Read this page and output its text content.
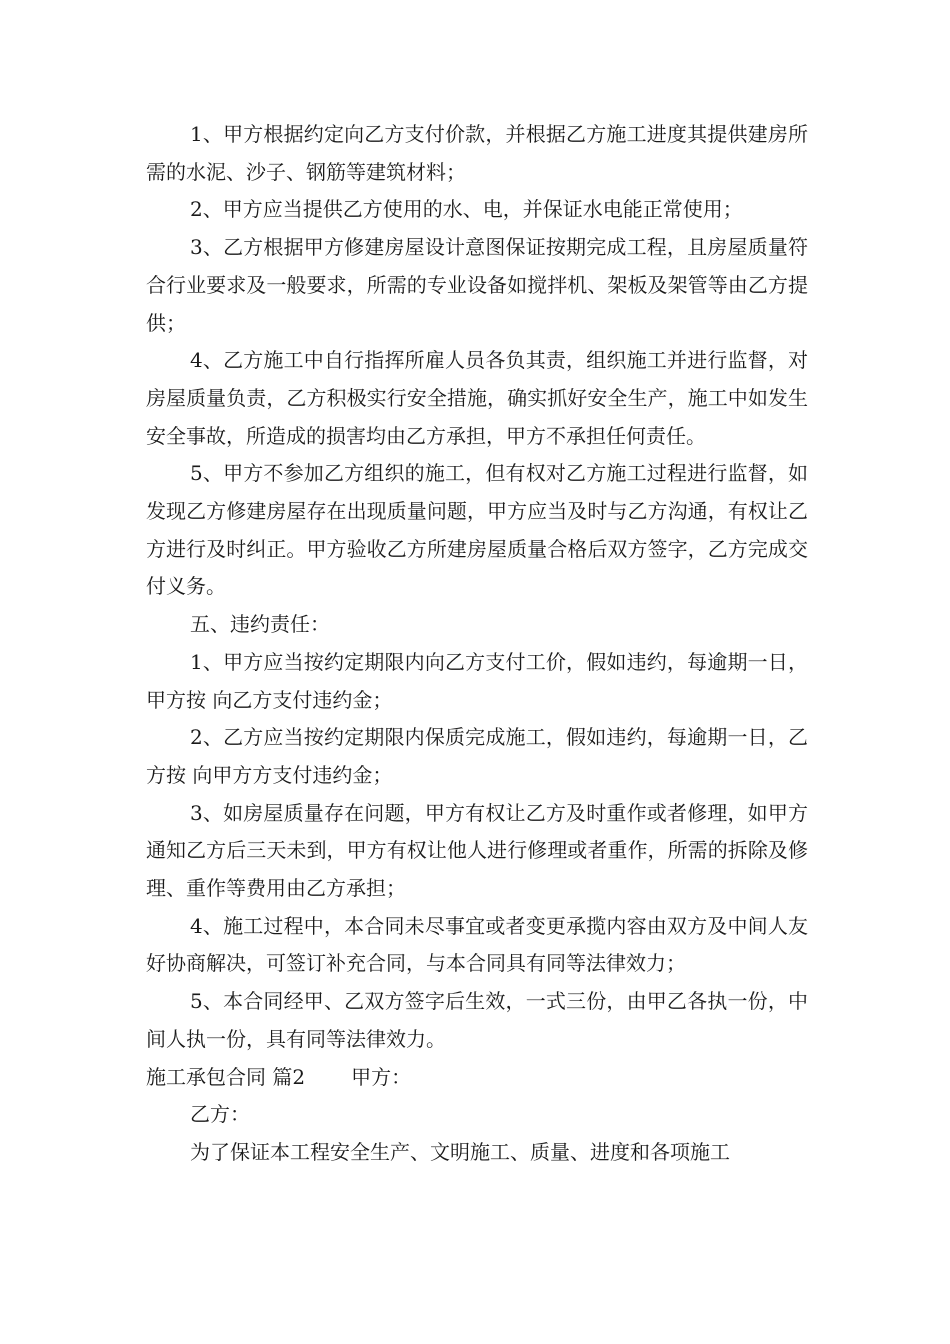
1、甲方根据约定向乙方支付价款，并根据乙方施工进度其提供建房所需的水泥、沙子、钢筋等建筑材料；

2、甲方应当提供乙方使用的水、电，并保证水电能正常使用；

3、乙方根据甲方修建房屋设计意图保证按期完成工程，且房屋质量符合行业要求及一般要求，所需的专业设备如搅拌机、架板及架管等由乙方提供；

4、乙方施工中自行指挥所雇人员各负其责，组织施工并进行监督，对房屋质量负责，乙方积极实行安全措施，确实抓好安全生产，施工中如发生安全事故，所造成的损害均由乙方承担，甲方不承担任何责任。

5、甲方不参加乙方组织的施工，但有权对乙方施工过程进行监督，如发现乙方修建房屋存在出现质量问题，甲方应当及时与乙方沟通，有权让乙方进行及时纠正。甲方验收乙方所建房屋质量合格后双方签字，乙方完成交付义务。

五、违约责任：

1、甲方应当按约定期限内向乙方支付工价，假如违约，每逾期一日，甲方按 向乙方支付违约金；

2、乙方应当按约定期限内保质完成施工，假如违约，每逾期一日，乙方按 向甲方方支付违约金；

3、如房屋质量存在问题，甲方有权让乙方及时重作或者修理，如甲方通知乙方后三天未到，甲方有权让他人进行修理或者重作，所需的拆除及修理、重作等费用由乙方承担；

4、施工过程中，本合同未尽事宜或者变更承揽内容由双方及中间人友好协商解决，可签订补充合同，与本合同具有同等法律效力；

5、本合同经甲、乙双方签字后生效，一式三份，由甲乙各执一份，中间人执一份，具有同等法律效力。

施工承包合同 篇2 甲方：

乙方：

为了保证本工程安全生产、文明施工、质量、进度和各项施工
